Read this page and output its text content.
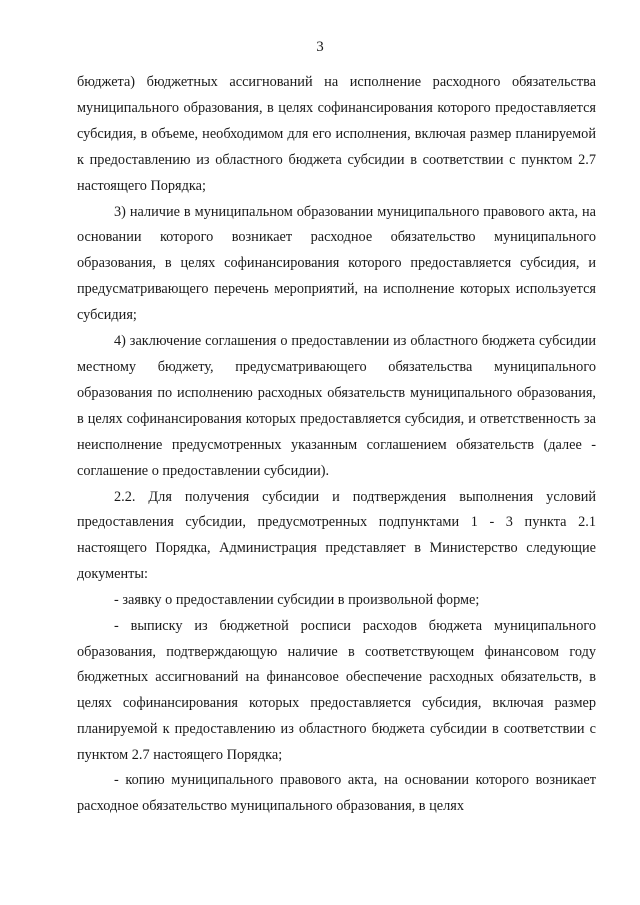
3

бюджета) бюджетных ассигнований на исполнение расходного обязательства муниципального образования, в целях софинансирования которого предоставляется субсидия, в объеме, необходимом для его исполнения, включая размер планируемой к предоставлению из областного бюджета субсидии в соответствии с пунктом 2.7 настоящего Порядка;

3) наличие в муниципальном образовании муниципального правового акта, на основании которого возникает расходное обязательство муниципального образования, в целях софинансирования которого предоставляется субсидия, и предусматривающего перечень мероприятий, на исполнение которых используется субсидия;

4) заключение соглашения о предоставлении из областного бюджета субсидии местному бюджету, предусматривающего обязательства муниципального образования по исполнению расходных обязательств муниципального образования, в целях софинансирования которых предоставляется субсидия, и ответственность за неисполнение предусмотренных указанным соглашением обязательств (далее - соглашение о предоставлении субсидии).

2.2. Для получения субсидии и подтверждения выполнения условий предоставления субсидии, предусмотренных подпунктами 1 - 3 пункта 2.1 настоящего Порядка, Администрация представляет в Министерство следующие документы:

- заявку о предоставлении субсидии в произвольной форме;

- выписку из бюджетной росписи расходов бюджета муниципального образования, подтверждающую наличие в соответствующем финансовом году бюджетных ассигнований на финансовое обеспечение расходных обязательств, в целях софинансирования которых предоставляется субсидия, включая размер планируемой к предоставлению из областного бюджета субсидии в соответствии с пунктом 2.7 настоящего Порядка;

- копию муниципального правового акта, на основании которого возникает расходное обязательство муниципального образования, в целях
